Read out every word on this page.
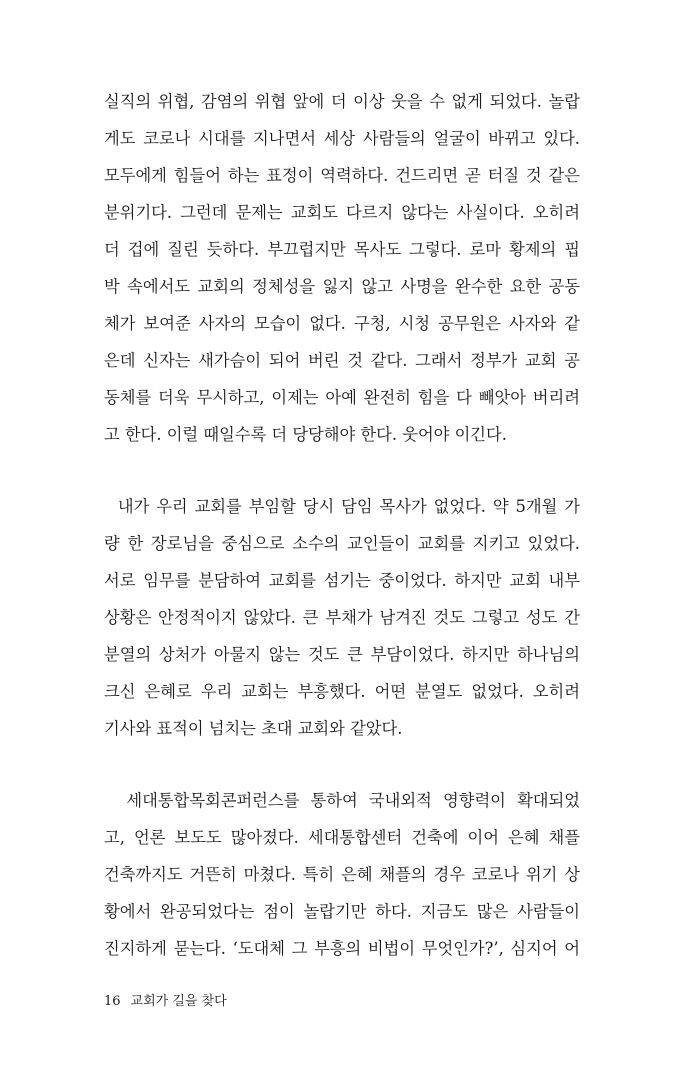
실직의 위협, 감염의 위협 앞에 더 이상 웃을 수 없게 되었다. 놀랍
게도 코로나 시대를 지나면서 세상 사람들의 얼굴이 바뀌고 있다.
모두에게 힘들어 하는 표정이 역력하다. 건드리면 곧 터질 것 같은
분위기다. 그런데 문제는 교회도 다르지 않다는 사실이다. 오히려
더 겁에 질린 듯하다. 부끄럽지만 목사도 그렇다. 로마 황제의 핍
박 속에서도 교회의 정체성을 잃지 않고 사명을 완수한 요한 공동
체가 보여준 사자의 모습이 없다. 구청, 시청 공무원은 사자와 같
은데 신자는 새가슴이 되어 버린 것 같다. 그래서 정부가 교회 공
동체를 더욱 무시하고, 이제는 아예 완전히 힘을 다 빼앗아 버리려
고 한다. 이럴 때일수록 더 당당해야 한다. 웃어야 이긴다.
내가 우리 교회를 부임할 당시 담임 목사가 없었다. 약 5개월 가
량 한 장로님을 중심으로 소수의 교인들이 교회를 지키고 있었다.
서로 임무를 분담하여 교회를 섬기는 중이었다. 하지만 교회 내부
상황은 안정적이지 않았다. 큰 부채가 남겨진 것도 그렇고 성도 간
분열의 상처가 아물지 않는 것도 큰 부담이었다. 하지만 하나님의
크신 은혜로 우리 교회는 부흥했다. 어떤 분열도 없었다. 오히려
기사와 표적이 넘치는 초대 교회와 같았다.
세대통합목회콘퍼런스를 통하여 국내외적 영향력이 확대되었
고, 언론 보도도 많아졌다. 세대통합센터 건축에 이어 은혜 채플
건축까지도 거뜬히 마쳤다. 특히 은혜 채플의 경우 코로나 위기 상
황에서 완공되었다는 점이 놀랍기만 하다. 지금도 많은 사람들이
진지하게 묻는다. ‘도대체 그 부흥의 비법이 무엇인가?’, 심지어 어
16 교회가 길을 찾다
